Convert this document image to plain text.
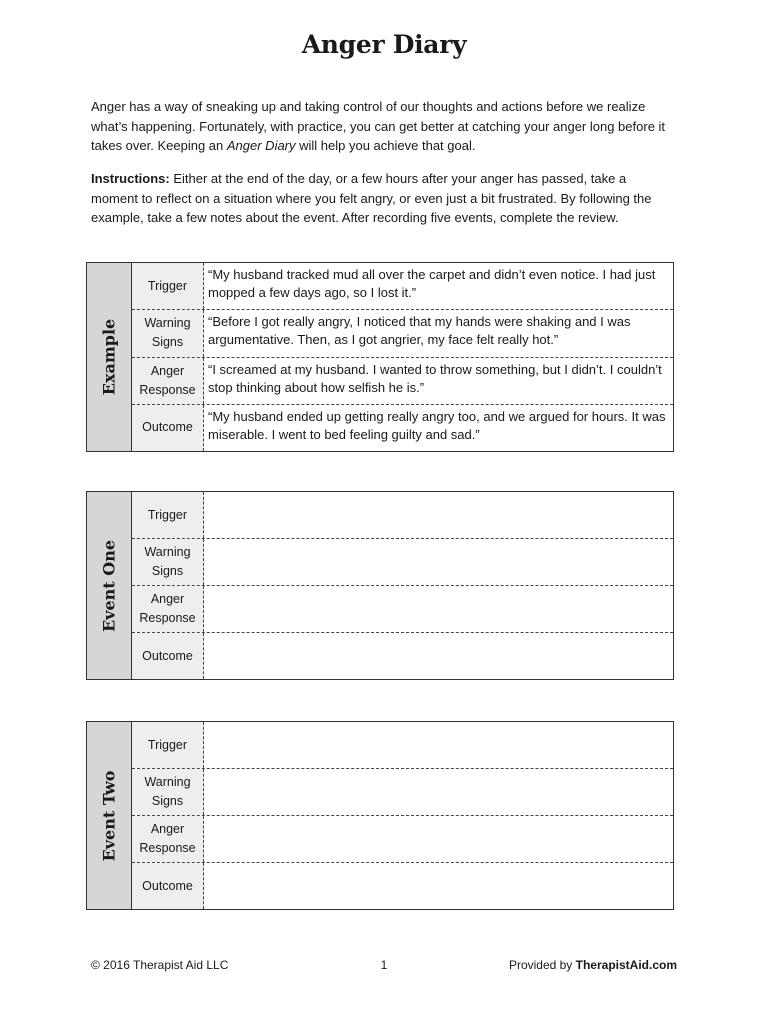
Anger Diary
Anger has a way of sneaking up and taking control of our thoughts and actions before we realize what’s happening. Fortunately, with practice, you can get better at catching your anger long before it takes over. Keeping an Anger Diary will help you achieve that goal.
Instructions: Either at the end of the day, or a few hours after your anger has passed, take a moment to reflect on a situation where you felt angry, or even just a bit frustrated. By following the example, take a few notes about the event. After recording five events, complete the review.
Example
Trigger
“My husband tracked mud all over the carpet and didn’t even notice. I had just mopped a few days ago, so I lost it.”
Warning
Signs
“Before I got really angry, I noticed that my hands were shaking and I was argumentative. Then, as I got angrier, my face felt really hot.”
Anger
Response
“I screamed at my husband. I wanted to throw something, but I didn’t. I couldn’t stop thinking about how selfish he is.”
Outcome
“My husband ended up getting really angry too, and we argued for hours. It was miserable. I went to bed feeling guilty and sad.”
Event One
Trigger
Warning
Signs
Anger
Response
Outcome
Event Two
Trigger
Warning
Signs
Anger
Response
Outcome
© 2016 Therapist Aid LLC	1	Provided by TherapistAid.com
